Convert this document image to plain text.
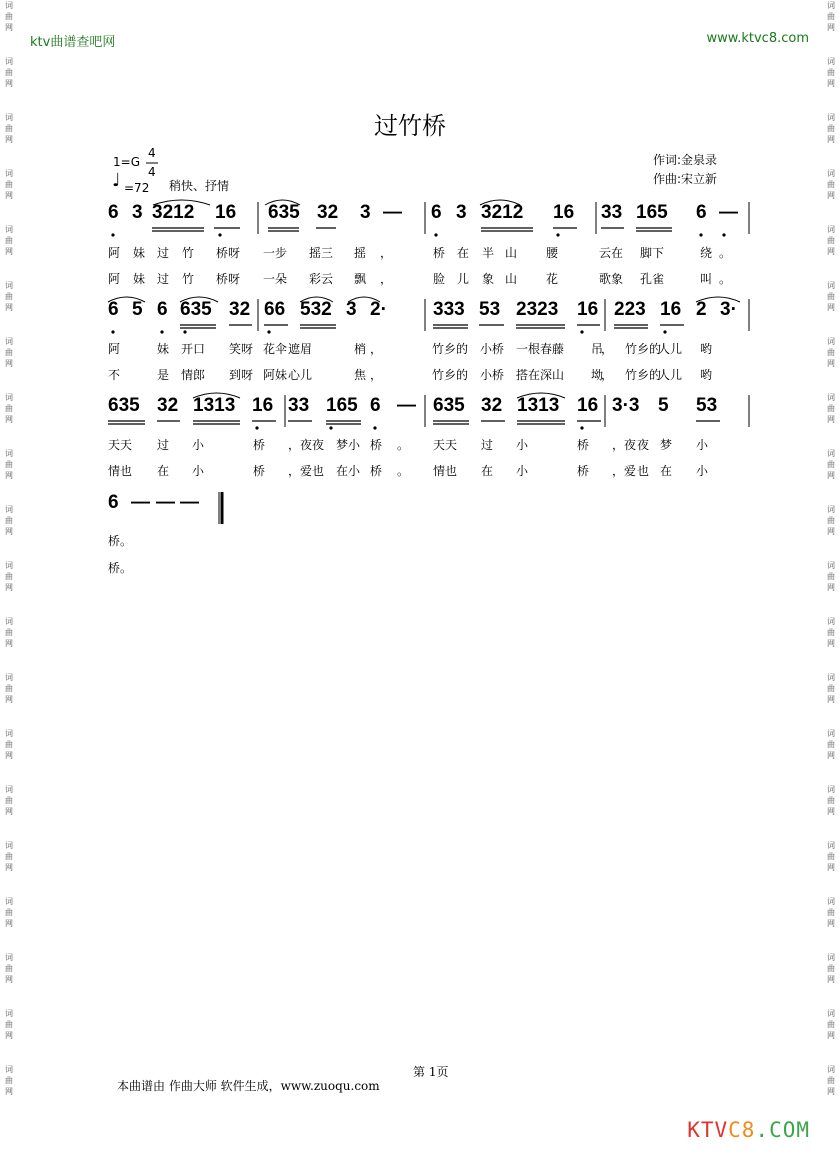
词
曲
网
词
曲
网
词
曲
网
词
曲
网
词
曲
网
词
曲
网
词
曲
网
词
曲
网
词
曲
网
词
曲
网
词
曲
网
词
曲
网
词
曲
网
词
曲
网
词
曲
网
词
曲
网
词
曲
网
词
曲
网
词
曲
网
词
曲
网
词
曲
网
词
曲
网
词
曲
网
词
曲
网
词
曲
网
词
曲
网
词
曲
网
词
曲
网
词
曲
网
词
曲
网
词
曲
网
词
曲
网
词
曲
网
词
曲
网
词
曲
网
词
曲
网
词
曲
网
词
曲
网
词
曲
网
词
曲
网
ktv曲谱查吧网	www.ktvc8.com
过竹桥
1=G
4
4
♩ =72 稍快、抒情
作词:金泉录
作曲:宋立新
6 3 3212 16 635 32 3 — 6 3 3212 16 33 165 6 —
阿 妹 过 竹 桥呀 一步 摇三 摇 ，	桥 在 半 山 腰	云在 脚下	绕 。
阿 妹 过 竹 桥呀 一朵 彩云 飘 ，	脸 儿 象 山 花	歌象 孔雀	叫 。
6 5 6 635 32 66 532 3 2· 333 53 2323 16 223 16 2 3·
阿	妹 开口 笑呀 花伞 遮眉	梢 ，	竹乡的 小桥 一根春藤 吊
， 竹乡的
人儿 哟
不	是 情郎 到呀 阿妹 心儿	焦 ，	竹乡的 小桥 搭在深山 坳
， 竹乡的
人儿 哟
635 32 1313 16 33 165 6 — 635 32 1313 16 3·3 5 53
天天 过 小	桥 ，夜夜 梦小 桥 。 天天 过 小	桥 ，夜 夜 梦 小
情也 在 小	桥 ，爱也 在小 桥 。 情也 在 小	桥 ，爱 也 在 小
6 — — —
桥。
桥。
第 1页
本曲谱由 作曲大师 软件生成，www.zuoqu.com
KTVC8.COM
